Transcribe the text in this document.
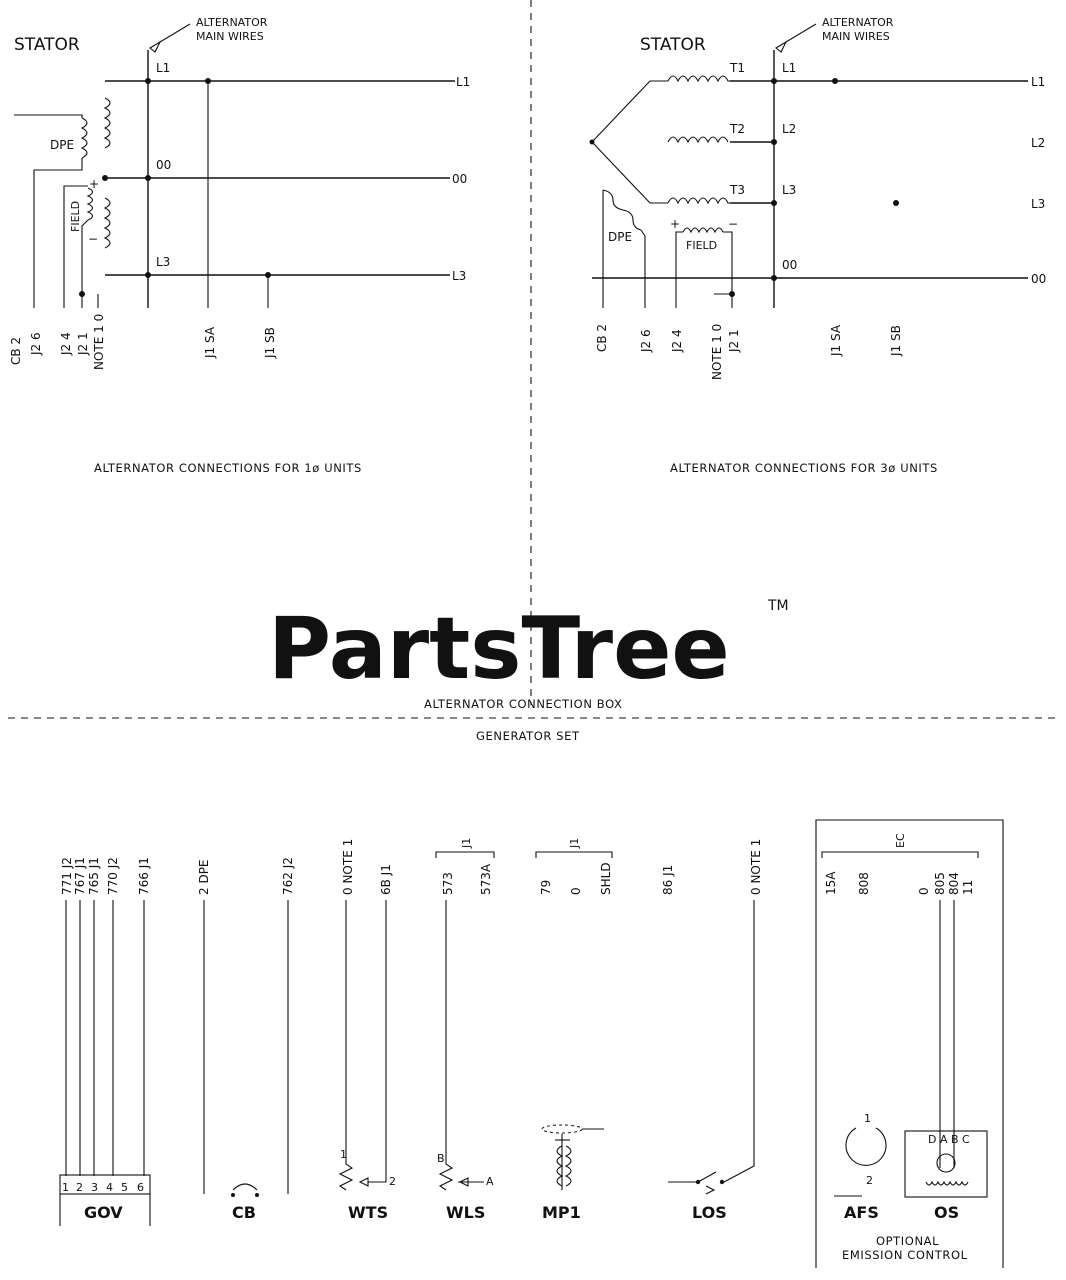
PartsTree	TM
STATOR
ALTERNATOR
MAIN WIRES
L1
00
L3
L1
00
L3
DPE
FIELD
+
−
CB 2 J2 6 J2 4 J2 1 NOTE 1 0	J1 SA	J1 SB
ALTERNATOR CONNECTIONS FOR 1ø UNITS
STATOR
ALTERNATOR
MAIN WIRES
L1
L2
L3
00
L1
L2
L3
00
T1
T2
T3
DPE
FIELD
+	−
CB 2	J2 6 J2 4 NOTE 1 0 J2 1	J1 SA	J1 SB
ALTERNATOR CONNECTIONS FOR 3ø UNITS
ALTERNATOR CONNECTION BOX
GENERATOR SET
771 J2 767 J1 765 J1 770 J2 766 J1
1 2 3 4 5 6
GOV
2 DPE	762 J2
CB
0 NOTE 1 6B J1
1
2
WTS
J1
573 573A
B
A
WLS
J1
79 0 SHLD
MP1
86 J1	0 NOTE 1
LOS
EC
15A 808	0 805 804 11
1
2
AFS
D A B C
OS
OPTIONAL
EMISSION CONTROL
